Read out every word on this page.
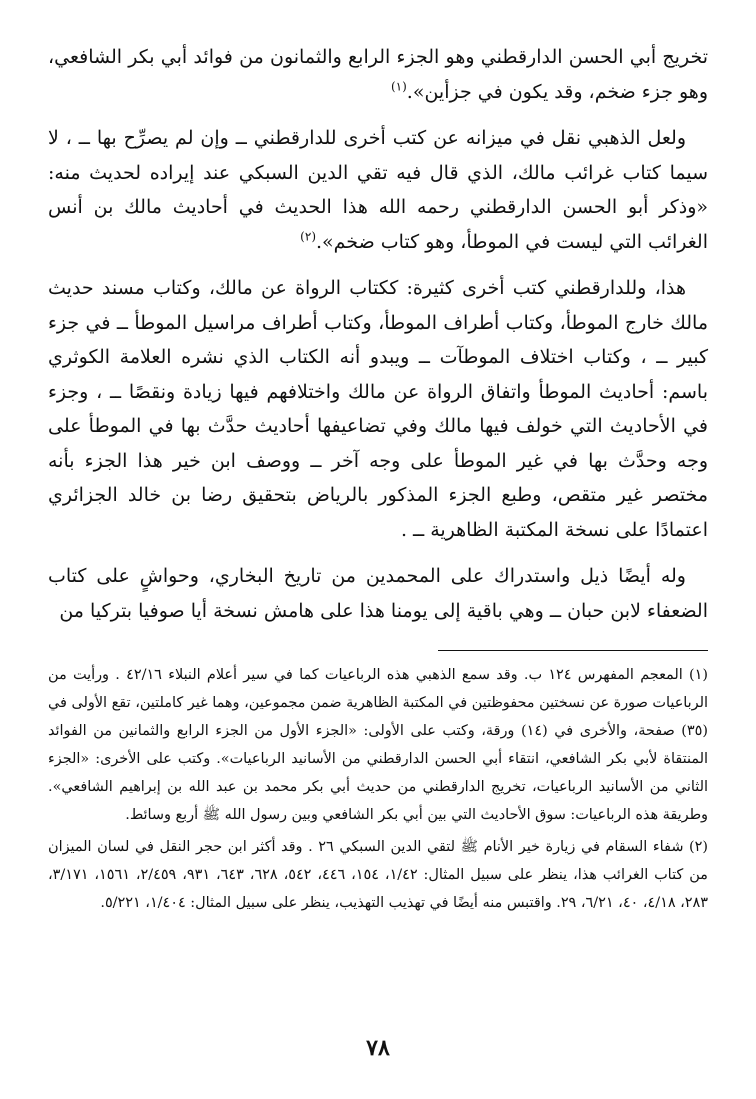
تخريج أبي الحسن الدارقطني وهو الجزء الرابع والثمانون من فوائد أبي بكر الشافعي، وهو جزء ضخم، وقد يكون في جزأين».$^{(١)}$
ولعل الذهبي نقل في ميزانه عن كتب أخرى للدارقطني ــ وإن لم يصرِّح بها ــ ، لا سيما كتاب غرائب مالك، الذي قال فيه تقي الدين السبكي عند إيراده لحديث منه: «وذكر أبو الحسن الدارقطني رحمه الله هذا الحديث في أحاديث مالك بن أنس الغرائب التي ليست في الموطأ، وهو كتاب ضخم».$^{(٢)}$
هذا، وللدارقطني كتب أخرى كثيرة: ككتاب الرواة عن مالك، وكتاب مسند حديث مالك خارج الموطأ، وكتاب أطراف الموطأ، وكتاب أطراف مراسيل الموطأ ــ في جزء كبير ــ ، وكتاب اختلاف الموطآت ــ ويبدو أنه الكتاب الذي نشره العلامة الكوثري باسم: أحاديث الموطأ واتفاق الرواة عن مالك واختلافهم فيها زيادة ونقصًا ــ ، وجزء في الأحاديث التي خولف فيها مالك وفي تضاعيفها أحاديث حدَّث بها في الموطأ على وجه وحدَّث بها في غير الموطأ على وجه آخر ــ ووصف ابن خير هذا الجزء بأنه مختصر غير متقص، وطبع الجزء المذكور بالرياض بتحقيق رضا بن خالد الجزائري اعتمادًا على نسخة المكتبة الظاهرية ــ .
وله أيضًا ذيل واستدراك على المحمدين من تاريخ البخاري، وحواشٍ على كتاب الضعفاء لابن حبان ــ وهي باقية إلى يومنا هذا على هامش نسخة أيا صوفيا بتركيا من

(١) المعجم المفهرس ١٢٤ ب. وقد سمع الذهبي هذه الرباعيات كما في سير أعلام النبلاء ٤٢/١٦ . ورأيت من الرباعيات صورة عن نسختين محفوظتين في المكتبة الظاهرية ضمن مجموعين، وهما غير كاملتين، تقع الأولى في (٣٥) صفحة، والأخرى في (١٤) ورقة، وكتب على الأولى: «الجزء الأول من الجزء الرابع والثمانين من الفوائد المنتقاة لأبي بكر الشافعي، انتقاء أبي الحسن الدارقطني من الأسانيد الرباعيات». وكتب على الأخرى: «الجزء الثاني من الأسانيد الرباعيات، تخريج الدارقطني من حديث أبي بكر محمد بن عبد الله بن إبراهيم الشافعي». وطريقة هذه الرباعيات: سوق الأحاديث التي بين أبي بكر الشافعي وبين رسول الله ﷺ أربع وسائط.

(٢) شفاء السقام في زيارة خير الأنام ﷺ لتقي الدين السبكي ٢٦ . وقد أكثر ابن حجر النقل في لسان الميزان من كتاب الغرائب هذا، ينظر على سبيل المثال: ١/٤٢، ١٥٤، ٤٤٦، ٥٤٢، ٦٢٨، ٦٤٣، ٩٣١، ٢/٤٥٩، ١٥٦١، ٣/١٧١، ٢٨٣، ٤/١٨، ٤٠، ٦/٢١، ٢٩. واقتبس منه أيضًا في تهذيب التهذيب، ينظر على سبيل المثال: ١/٤٠٤، ٥/٢٢١.

٧٨
